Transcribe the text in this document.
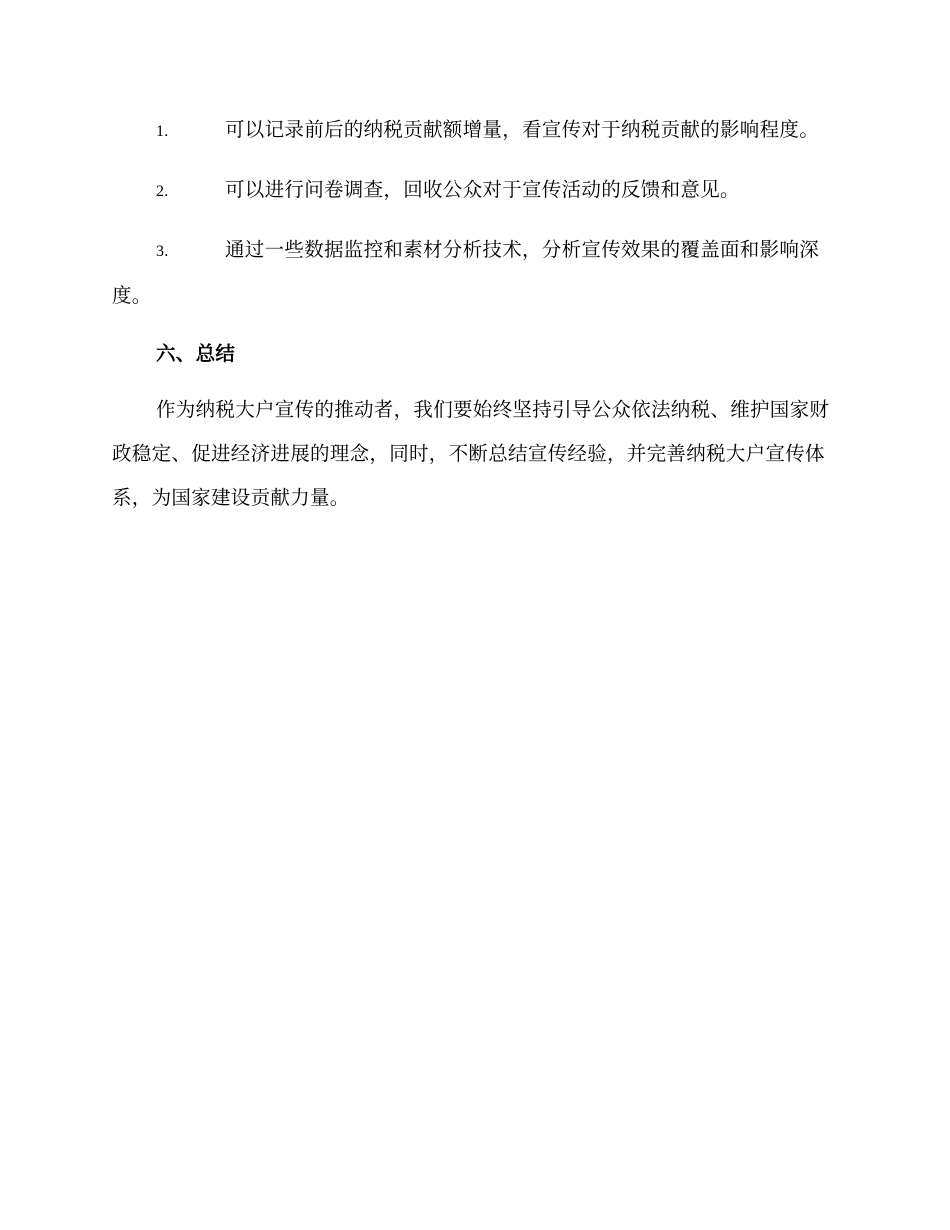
1.	可以记录前后的纳税贡献额增量，看宣传对于纳税贡献的影响程度。

2.	可以进行问卷调查，回收公众对于宣传活动的反馈和意见。

3.	通过一些数据监控和素材分析技术，分析宣传效果的覆盖面和影响深度。

六、总结

作为纳税大户宣传的推动者，我们要始终坚持引导公众依法纳税、维护国家财政稳定、促进经济进展的理念，同时，不断总结宣传经验，并完善纳税大户宣传体系，为国家建设贡献力量。
